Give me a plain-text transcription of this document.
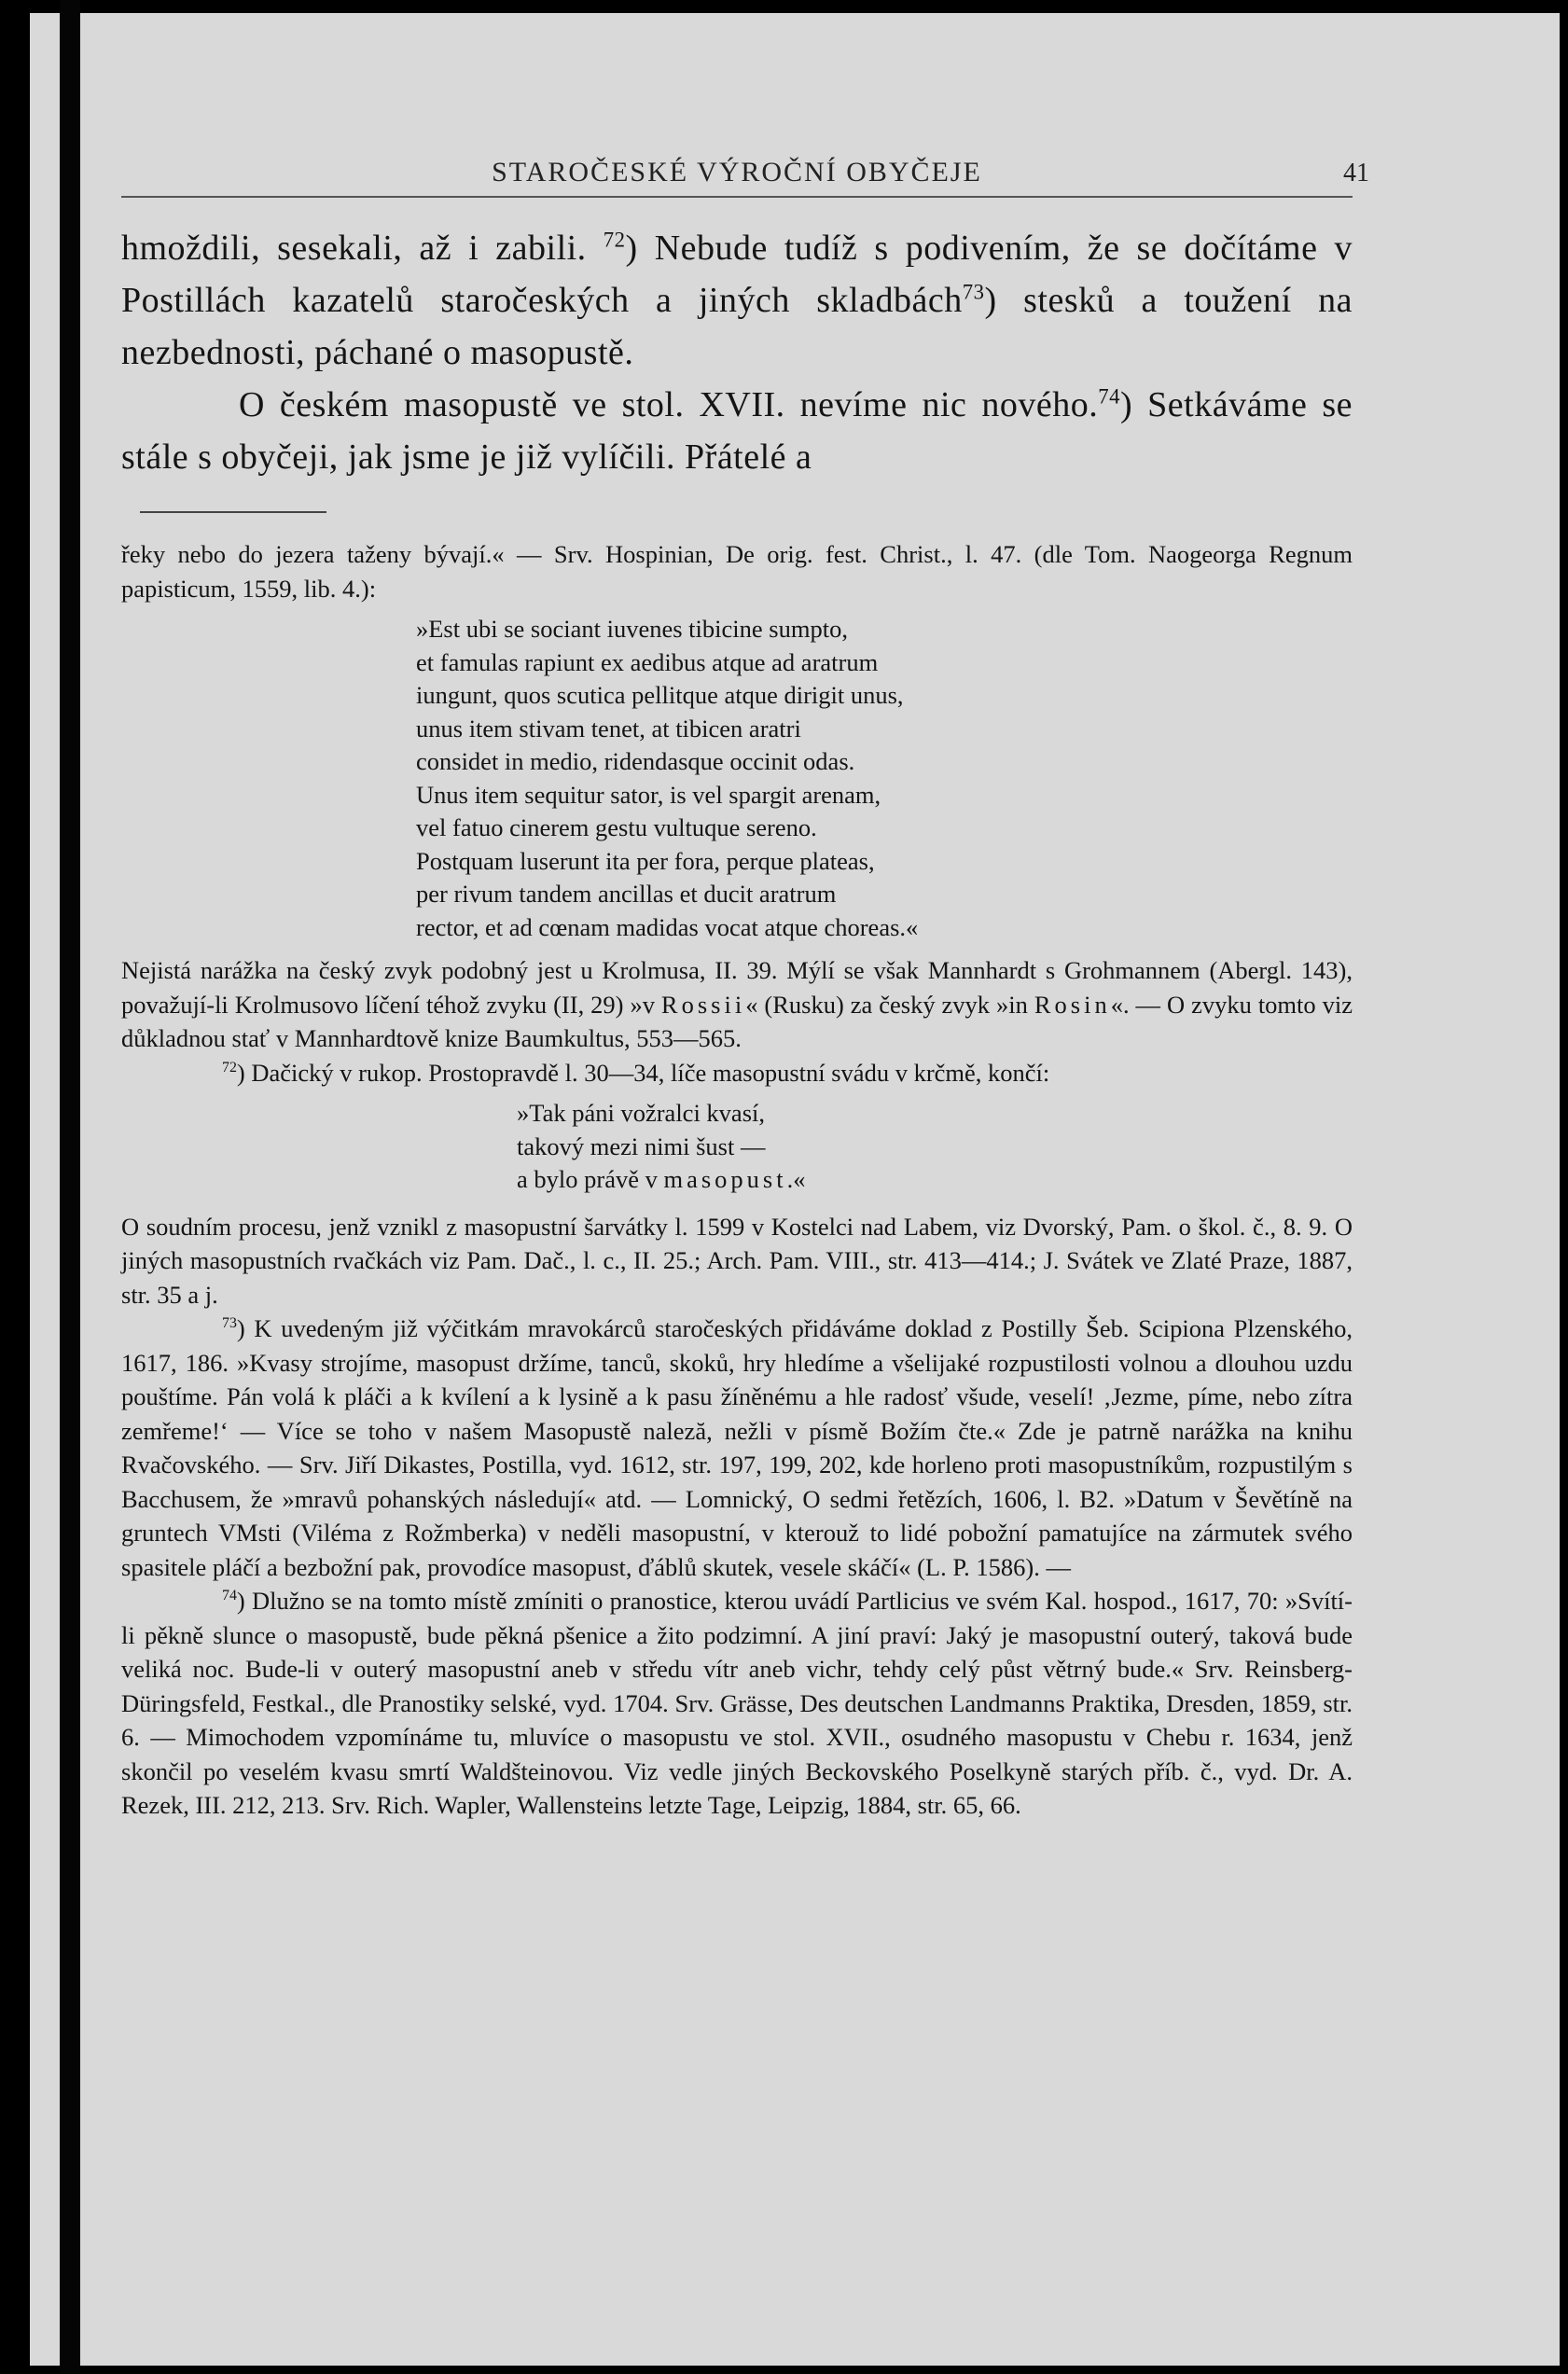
STAROČESKÉ VÝROČNÍ OBYČEJE	41

hmoždili, sesekali, až i zabili. $^{72}$) Nebude tudíž s podivením, že se dočítáme v Postillách kazatelů staročeských a jiných skladbách$^{73}$) stesků a toužení na nezbednosti, páchané o masopustě.

O českém masopustě ve stol. XVII. nevíme nic nového.$^{74}$) Setkáváme se stále s obyčeji, jak jsme je již vylíčili. Přátelé a

řeky nebo do jezera taženy bývají.« — Srv. Hospinian, De orig. fest. Christ., l. 47. (dle Tom. Naogeorga Regnum papisticum, 1559, lib. 4.):

»Est ubi se sociant iuvenes tibicine sumpto,
et famulas rapiunt ex aedibus atque ad aratrum
iungunt, quos scutica pellitque atque dirigit unus,
unus item stivam tenet, at tibicen aratri
considet in medio, ridendasque occinit odas.
Unus item sequitur sator, is vel spargit arenam,
vel fatuo cinerem gestu vultuque sereno.
Postquam luserunt ita per fora, perque plateas,
per rivum tandem ancillas et ducit aratrum
rector, et ad cœnam madidas vocat atque choreas.«

Nejistá narážka na český zvyk podobný jest u Krolmusa, II. 39. Mýlí se však Mannhardt s Grohmannem (Abergl. 143), považují-li Krolmusovo líčení téhož zvyku (II, 29) »v Rossii« (Rusku) za český zvyk »in Rosin«. — O zvyku tomto viz důkladnou stať v Mannhardtově knize Baumkultus, 553—565.

$^{72}$) Dačický v rukop. Prostopravdě l. 30—34, líče masopustní svádu v krčmě, končí:

»Tak páni vožralci kvasí,
takový mezi nimi šust —
a bylo právě v masopust.«

O soudním procesu, jenž vznikl z masopustní šarvátky l. 1599 v Kostelci nad Labem, viz Dvorský, Pam. o škol. č., 8. 9. O jiných masopustních rvačkách viz Pam. Dač., l. c., II. 25.; Arch. Pam. VIII., str. 413—414.; J. Svátek ve Zlaté Praze, 1887, str. 35 a j.

$^{73}$) K uvedeným již výčitkám mravokárců staročeských přidáváme doklad z Postilly Šeb. Scipiona Plzenského, 1617, 186. »Kvasy strojíme, masopust držíme, tanců, skoků, hry hledíme a všelijaké rozpustilosti volnou a dlouhou uzdu pouštíme. Pán volá k pláči a k kvílení a k lysině a k pasu žíněnému a hle radosť všude, veselí! ‚Jezme, píme, nebo zítra zemřeme!‘ — Více se toho v našem Masopustě naleză, nežli v písmě Božím čte.« Zde je patrně narážka na knihu Rvačovského. — Srv. Jiří Dikastes, Postilla, vyd. 1612, str. 197, 199, 202, kde horleno proti masopustníkům, rozpustilým s Bacchusem, že »mravů pohanských následují« atd. — Lomnický, O sedmi řetězích, 1606, l. B2. »Datum v Ševětíně na gruntech VMsti (Viléma z Rožmberka) v neděli masopustní, v kterouž to lidé pobožní pamatujíce na zármutek svého spasitele pláčí a bezbožní pak, provodíce masopust, ďáblů skutek, vesele skáčí« (L. P. 1586). —

$^{74}$) Dlužno se na tomto místě zmíniti o pranostice, kterou uvádí Partlicius ve svém Kal. hospod., 1617, 70: »Svítí-li pěkně slunce o masopustě, bude pěkná pšenice a žito podzimní. A jiní praví: Jaký je masopustní outerý, taková bude veliká noc. Bude-li v outerý masopustní aneb v středu vítr aneb vichr, tehdy celý půst větrný bude.« Srv. Reinsberg-Düringsfeld, Festkal., dle Pranostiky selské, vyd. 1704. Srv. Grässe, Des deutschen Landmanns Praktika, Dresden, 1859, str. 6. — Mimochodem vzpomínáme tu, mluvíce o masopustu ve stol. XVII., osudného masopustu v Chebu r. 1634, jenž skončil po veselém kvasu smrtí Waldšteinovou. Viz vedle jiných Beckovského Poselkyně starých příb. č., vyd. Dr. A. Rezek, III. 212, 213. Srv. Rich. Wapler, Wallensteins letzte Tage, Leipzig, 1884, str. 65, 66.
